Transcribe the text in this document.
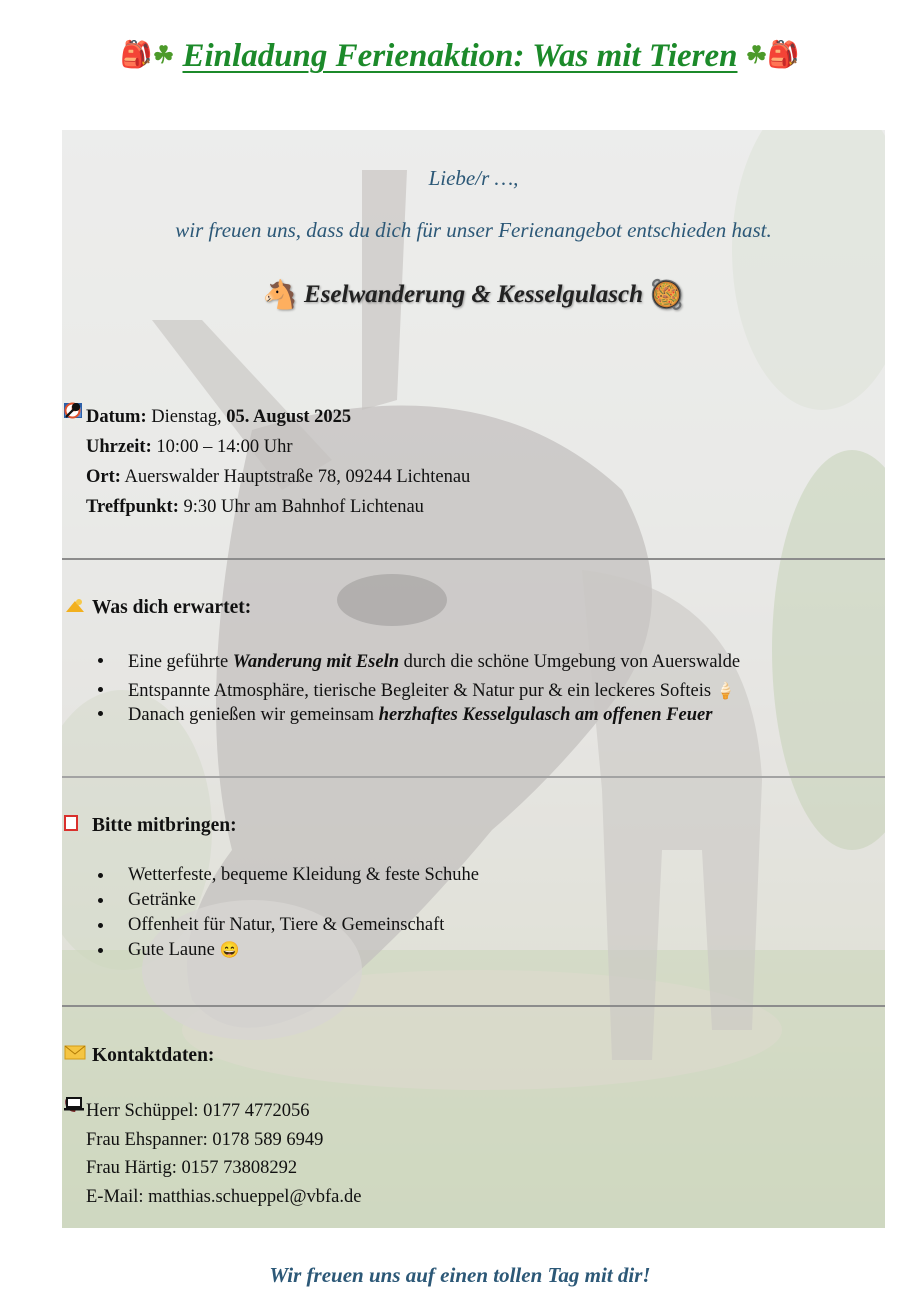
🎒☘ Einladung Ferienaktion: Was mit Tieren ☘🎒
Liebe/r …,
wir freuen uns, dass du dich für unser Ferienangebot entschieden hast.
🐴 Eselwanderung & Kesselgulasch 🥘
Datum: Dienstag, 05. August 2025
Uhrzeit: 10:00 – 14:00 Uhr
Ort: Auerswalder Hauptstraße 78, 09244 Lichtenau
Treffpunkt: 9:30 Uhr am Bahnhof Lichtenau
Was dich erwartet:
Eine geführte Wanderung mit Eseln durch die schöne Umgebung von Auerswalde
Entspannte Atmosphäre, tierische Begleiter & Natur pur & ein leckeres Softeis 🍦
Danach genießen wir gemeinsam herzhaftes Kesselgulasch am offenen Feuer
Bitte mitbringen:
Wetterfeste, bequeme Kleidung & feste Schuhe
Getränke
Offenheit für Natur, Tiere & Gemeinschaft
Gute Laune 😄
Kontaktdaten:
Herr Schüppel: 0177 4772056
Frau Ehspanner: 0178 589 6949
Frau Härtig: 0157 73808292
E-Mail: matthias.schueppel@vbfa.de
Wir freuen uns auf einen tollen Tag mit dir!
